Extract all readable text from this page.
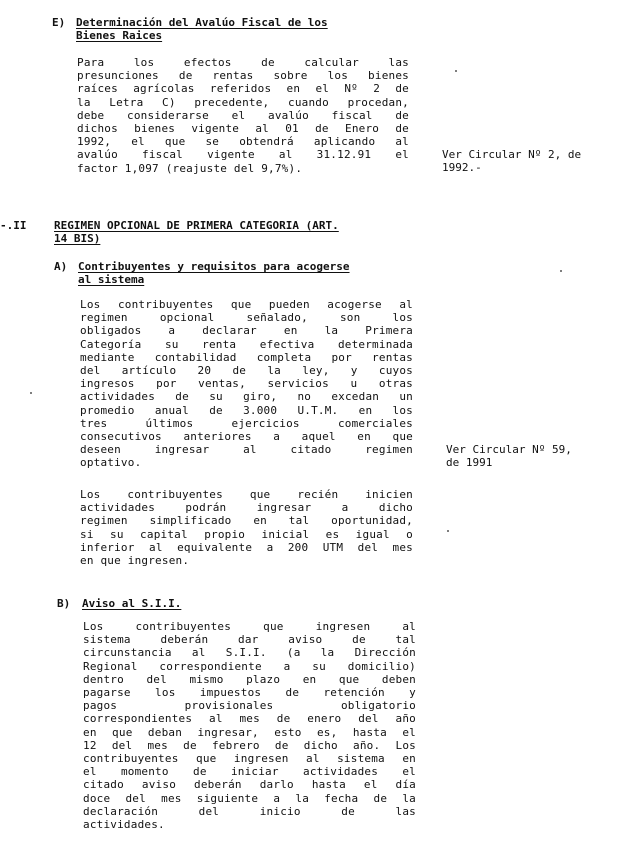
E) Determinación del Avalúo Fiscal de los
Bienes Raices
Para los efectos de calcular las
presunciones de rentas sobre los bienes
raíces agrícolas referidos en el Nº 2 de
la Letra C) precedente, cuando procedan,
debe considerarse el avalúo fiscal de
dichos bienes vigente al 01 de Enero de
1992, el que se obtendrá aplicando al
avalúo fiscal vigente al 31.12.91 el
factor 1,097 (reajuste del 9,7%).
Ver Circular Nº 2, de
1992.-
II.-	REGIMEN OPCIONAL DE PRIMERA CATEGORIA (ART.
14 BIS)
A) Contribuyentes y requisitos para acogerse
al sistema
Los contribuyentes que pueden acogerse al
regimen opcional señalado, son los
obligados a declarar en la Primera
Categoría su renta efectiva determinada
mediante contabilidad completa por rentas
del artículo 20 de la ley, y cuyos
ingresos por ventas, servicios u otras
actividades de su giro, no excedan un
promedio anual de 3.000 U.T.M. en los
tres últimos ejercicios comerciales
consecutivos anteriores a aquel en que
deseen ingresar al citado regimen
optativo.
Los contribuyentes que recién inicien
actividades podrán ingresar a dicho
regimen simplificado en tal oportunidad,
si su capital propio inicial es igual o
inferior al equivalente a 200 UTM del mes
en que ingresen.
Ver Circular Nº 59,
de 1991
B) Aviso al S.I.I.
Los contribuyentes que ingresen al
sistema deberán dar aviso de tal
circunstancia al S.I.I. (a la Dirección
Regional correspondiente a su domicilio)
dentro del mismo plazo en que deben
pagarse los impuestos de retención y
pagos provisionales obligatorio
correspondientes al mes de enero del año
en que deban ingresar, esto es, hasta el
12 del mes de febrero de dicho año. Los
contribuyentes que ingresen al sistema en
el momento de iniciar actividades el
citado aviso deberán darlo hasta el día
doce del mes siguiente a la fecha de la
declaración del inicio de las
actividades.
